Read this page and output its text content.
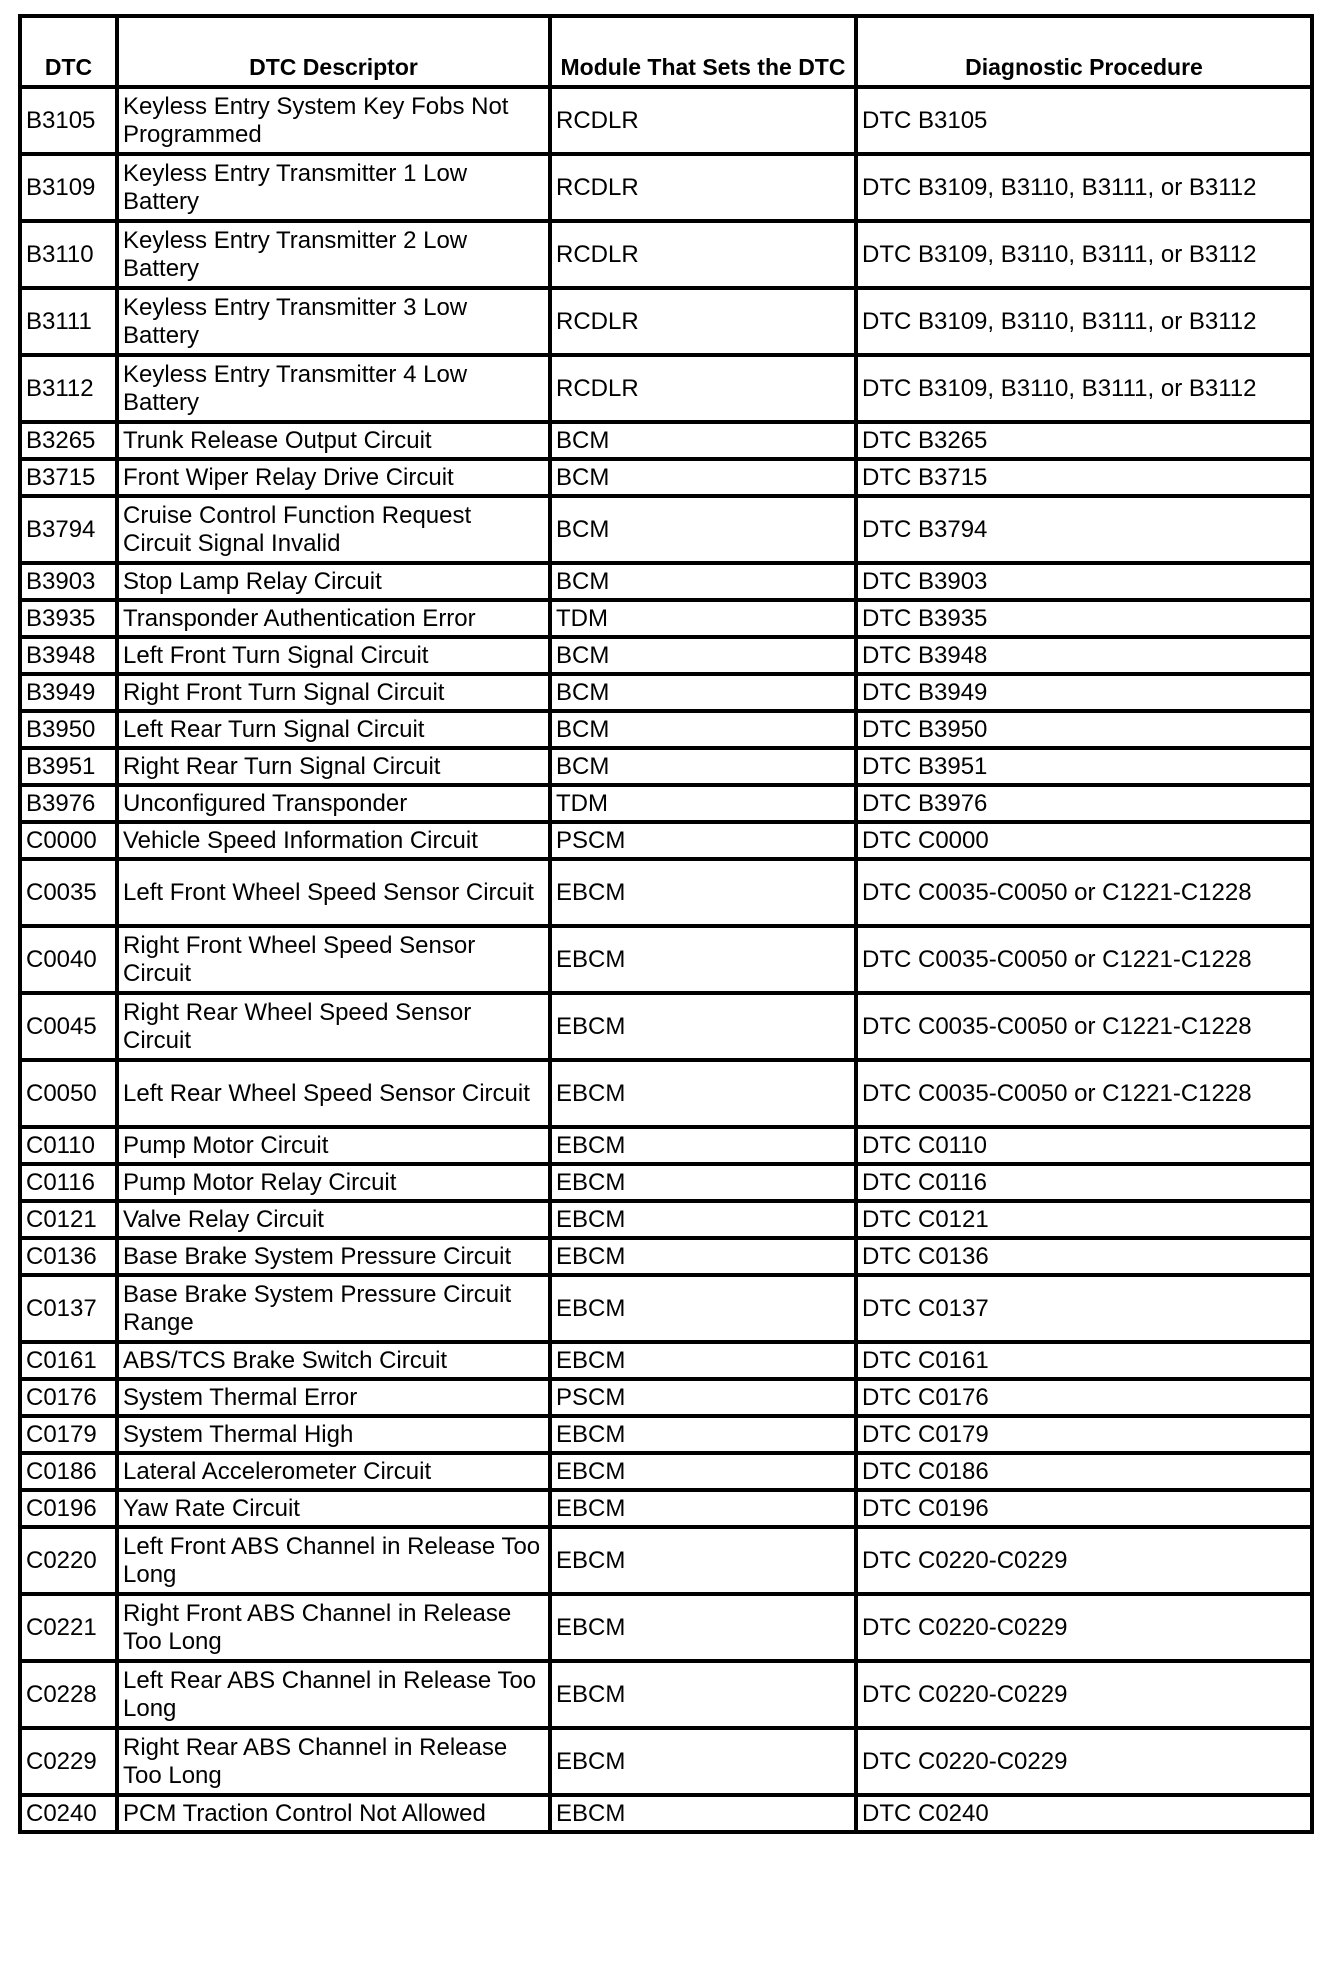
DTC	DTC Descriptor	Module That Sets the DTC	Diagnostic Procedure
B3105	Keyless Entry System Key Fobs Not Programmed	RCDLR	DTC B3105
B3109	Keyless Entry Transmitter 1 Low Battery	RCDLR	DTC B3109, B3110, B3111, or B3112
B3110	Keyless Entry Transmitter 2 Low Battery	RCDLR	DTC B3109, B3110, B3111, or B3112
B3111	Keyless Entry Transmitter 3 Low Battery	RCDLR	DTC B3109, B3110, B3111, or B3112
B3112	Keyless Entry Transmitter 4 Low Battery	RCDLR	DTC B3109, B3110, B3111, or B3112
B3265	Trunk Release Output Circuit	BCM	DTC B3265
B3715	Front Wiper Relay Drive Circuit	BCM	DTC B3715
B3794	Cruise Control Function Request Circuit Signal Invalid	BCM	DTC B3794
B3903	Stop Lamp Relay Circuit	BCM	DTC B3903
B3935	Transponder Authentication Error	TDM	DTC B3935
B3948	Left Front Turn Signal Circuit	BCM	DTC B3948
B3949	Right Front Turn Signal Circuit	BCM	DTC B3949
B3950	Left Rear Turn Signal Circuit	BCM	DTC B3950
B3951	Right Rear Turn Signal Circuit	BCM	DTC B3951
B3976	Unconfigured Transponder	TDM	DTC B3976
C0000	Vehicle Speed Information Circuit	PSCM	DTC C0000
C0035	Left Front Wheel Speed Sensor Circuit	EBCM	DTC C0035-C0050 or C1221-C1228
C0040	Right Front Wheel Speed Sensor Circuit	EBCM	DTC C0035-C0050 or C1221-C1228
C0045	Right Rear Wheel Speed Sensor Circuit	EBCM	DTC C0035-C0050 or C1221-C1228
C0050	Left Rear Wheel Speed Sensor Circuit	EBCM	DTC C0035-C0050 or C1221-C1228
C0110	Pump Motor Circuit	EBCM	DTC C0110
C0116	Pump Motor Relay Circuit	EBCM	DTC C0116
C0121	Valve Relay Circuit	EBCM	DTC C0121
C0136	Base Brake System Pressure Circuit	EBCM	DTC C0136
C0137	Base Brake System Pressure Circuit Range	EBCM	DTC C0137
C0161	ABS/TCS Brake Switch Circuit	EBCM	DTC C0161
C0176	System Thermal Error	PSCM	DTC C0176
C0179	System Thermal High	EBCM	DTC C0179
C0186	Lateral Accelerometer Circuit	EBCM	DTC C0186
C0196	Yaw Rate Circuit	EBCM	DTC C0196
C0220	Left Front ABS Channel in Release Too Long	EBCM	DTC C0220-C0229
C0221	Right Front ABS Channel in Release Too Long	EBCM	DTC C0220-C0229
C0228	Left Rear ABS Channel in Release Too Long	EBCM	DTC C0220-C0229
C0229	Right Rear ABS Channel in Release Too Long	EBCM	DTC C0220-C0229
C0240	PCM Traction Control Not Allowed	EBCM	DTC C0240
